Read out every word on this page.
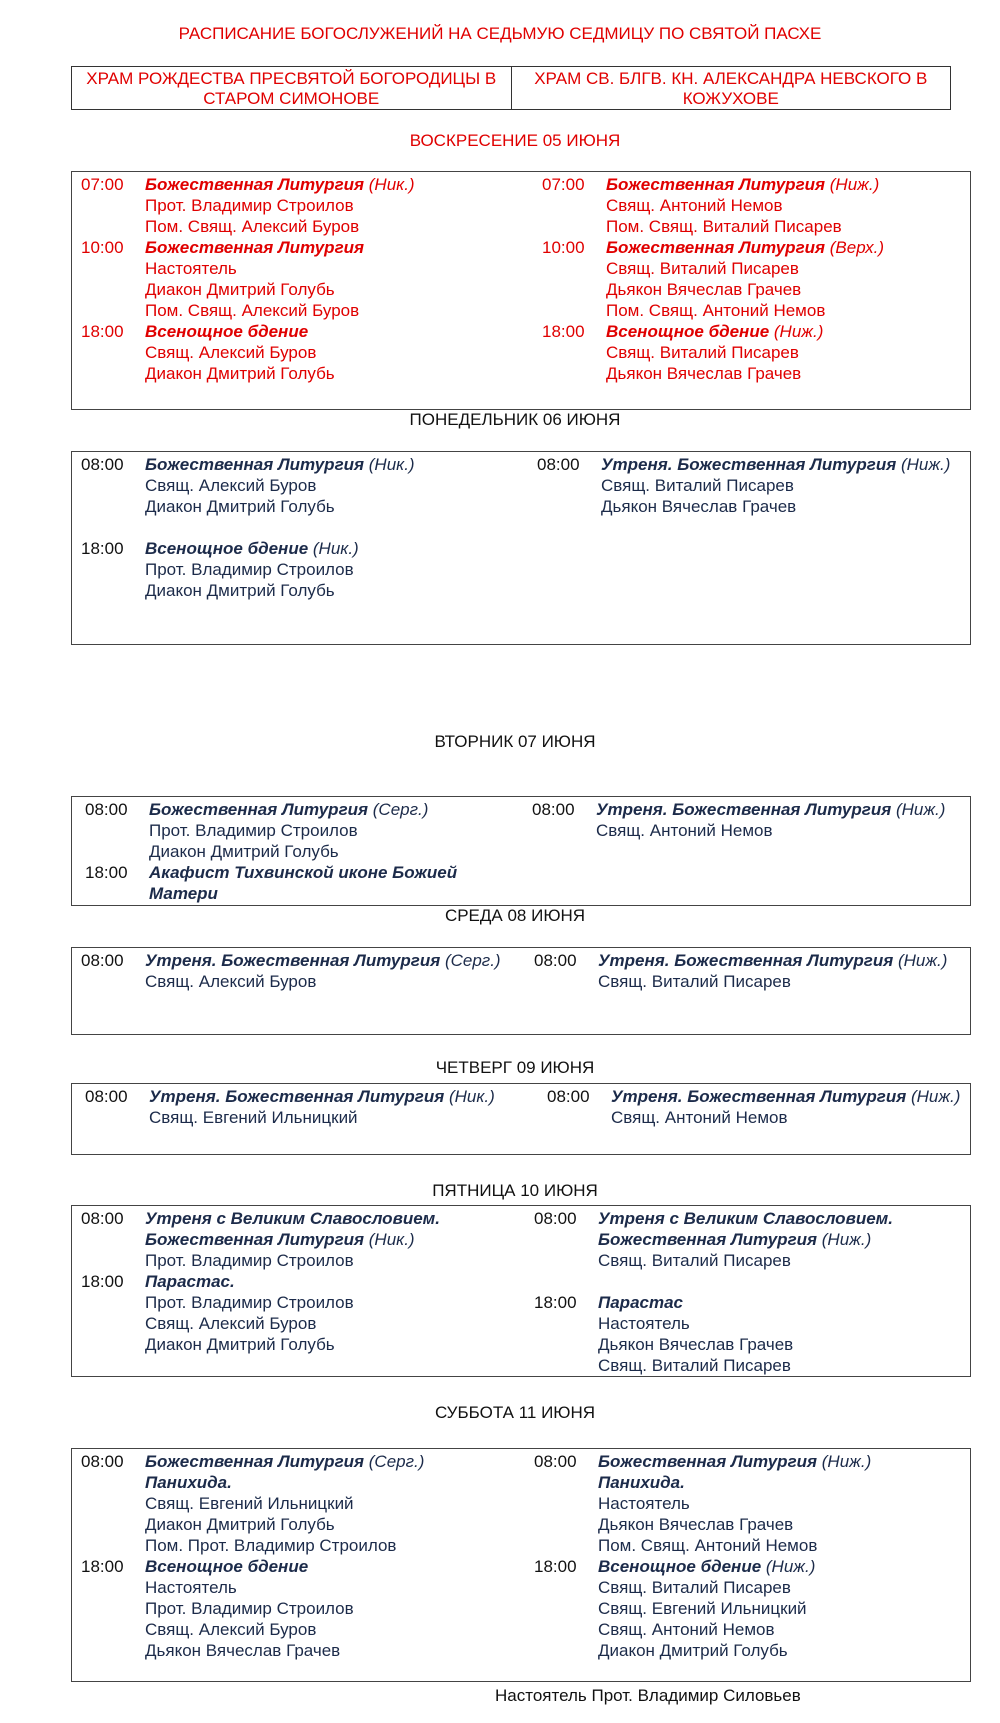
РАСПИСАНИЕ БОГОСЛУЖЕНИЙ НА СЕДЬМУЮ СЕДМИЦУ ПО СВЯТОЙ ПАСХЕ
ХРАМ РОЖДЕСТВА ПРЕСВЯТОЙ БОГОРОДИЦЫ В СТАРОМ СИМОНОВЕ
ХРАМ СВ. БЛГВ. КН. АЛЕКСАНДРА НЕВСКОГО В КОЖУХОВЕ
ВОСКРЕСЕНИЕ 05 ИЮНЯ
ПОНЕДЕЛЬНИК 06 ИЮНЯ
ВТОРНИК 07 ИЮНЯ
СРЕДА 08 ИЮНЯ
ЧЕТВЕРГ 09 ИЮНЯ
ПЯТНИЦА 10 ИЮНЯ
СУББОТА 11 ИЮНЯ
07:00 Божественная Литургия (Ник.)
Прот. Владимир Строилов
Пом. Свящ. Алексий Буров
10:00 Божественная Литургия
Настоятель
Диакон Дмитрий Голубь
Пом. Свящ. Алексий Буров
18:00 Всенощное бдение
Свящ. Алексий Буров
Диакон Дмитрий Голубь
07:00 Божественная Литургия (Ниж.)
Свящ. Антоний Немов
Пом. Свящ. Виталий Писарев
10:00 Божественная Литургия (Верх.)
Свящ. Виталий Писарев
Дьякон Вячеслав Грачев
Пом. Свящ. Антоний Немов
18:00 Всенощное бдение (Ниж.)
Свящ. Виталий Писарев
Дьякон Вячеслав Грачев
08:00 Божественная Литургия (Ник.)
Свящ. Алексий Буров
Диакон Дмитрий Голубь
18:00 Всенощное бдение (Ник.)
Прот. Владимир Строилов
Диакон Дмитрий Голубь
08:00 Утреня. Божественная Литургия (Ниж.)
Свящ. Виталий Писарев
Дьякон Вячеслав Грачев
08:00 Божественная Литургия (Серг.)
Прот. Владимир Строилов
Диакон Дмитрий Голубь
18:00 Акафист Тихвинской иконе Божией
Матери
08:00 Утреня. Божественная Литургия (Ниж.)
Свящ. Антоний Немов
08:00 Утреня. Божественная Литургия (Серг.)
Свящ. Алексий Буров
08:00 Утреня. Божественная Литургия (Ниж.)
Свящ. Виталий Писарев
08:00 Утреня. Божественная Литургия (Ник.)
Свящ. Евгений Ильницкий
08:00 Утреня. Божественная Литургия (Ниж.)
Свящ. Антоний Немов
08:00 Утреня с Великим Славословием.
Божественная Литургия (Ник.)
Прот. Владимир Строилов
18:00 Парастас.
Прот. Владимир Строилов
Свящ. Алексий Буров
Диакон Дмитрий Голубь
08:00 Утреня с Великим Славословием.
Божественная Литургия (Ниж.)
Свящ. Виталий Писарев
18:00 Парастас
Настоятель
Дьякон Вячеслав Грачев
Свящ. Виталий Писарев
08:00 Божественная Литургия (Серг.)
Панихида.
Свящ. Евгений Ильницкий
Диакон Дмитрий Голубь
Пом. Прот. Владимир Строилов
18:00 Всенощное бдение
Настоятель
Прот. Владимир Строилов
Свящ. Алексий Буров
Дьякон Вячеслав Грачев
08:00 Божественная Литургия (Ниж.)
Панихида.
Настоятель
Дьякон Вячеслав Грачев
Пом. Свящ. Антоний Немов
18:00 Всенощное бдение (Ниж.)
Свящ. Виталий Писарев
Свящ. Евгений Ильницкий
Свящ. Антоний Немов
Диакон Дмитрий Голубь
Настоятель Прот. Владимир Силовьев
